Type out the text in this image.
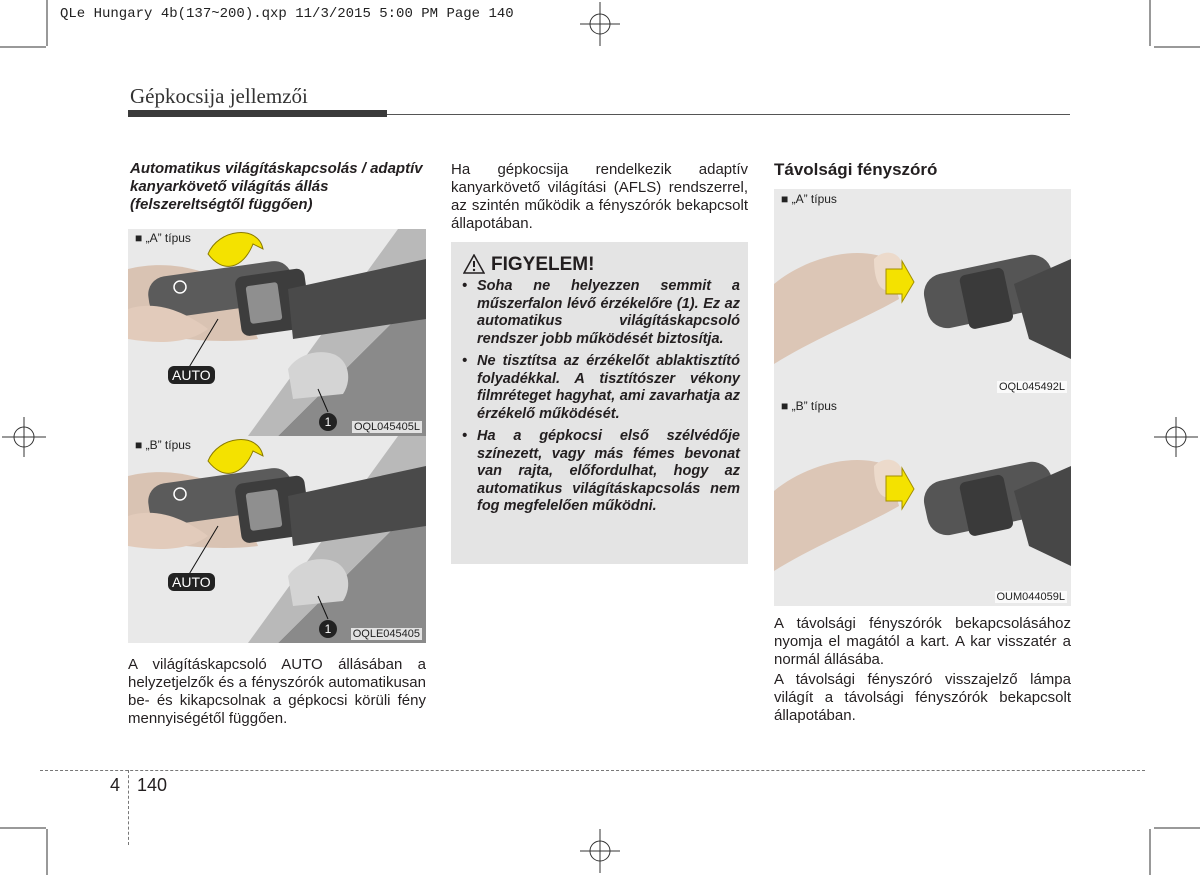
QLe Hungary 4b(137~200).qxp 11/3/2015 5:00 PM Page 140
Gépkocsija jellemzői
Automatikus világításkapcsolás / adaptív kanyarkövető világítás állás (felszereltségtől függően)
■ „A” típus
AUTO
1	OQL045405L
■ „B” típus
AUTO
1	OQLE045405
A világításkapcsoló AUTO állásában a helyzetjelzők és a fényszórók automatikusan be- és kikapcsolnak a gépkocsi körüli fény mennyiségétől függően.
Ha gépkocsija rendelkezik adaptív kanyarkövető világítási (AFLS) rendszerrel, az szintén működik a fényszórók bekapcsolt állapotában.
FIGYELEM!
• Soha ne helyezzen semmit a műszerfalon lévő érzékelőre (1). Ez az automatikus világításkapcsoló rendszer jobb működését biztosítja.
• Ne tisztítsa az érzékelőt ablaktisztító folyadékkal. A tisztítószer vékony filmréteget hagyhat, ami zavarhatja az érzékelő működését.
• Ha a gépkocsi első szélvédője színezett, vagy más fémes bevonat van rajta, előfordulhat, hogy az automatikus világításkapcsolás nem fog megfelelően működni.
Távolsági fényszóró
■ „A” típus
OQL045492L
■ „B” típus
OUM044059L
A távolsági fényszórók bekapcsolásához nyomja el magától a kart. A kar visszatér a normál állásába.
A távolsági fényszóró visszajelző lámpa világít a távolsági fényszórók bekapcsolt állapotában.
4 140
